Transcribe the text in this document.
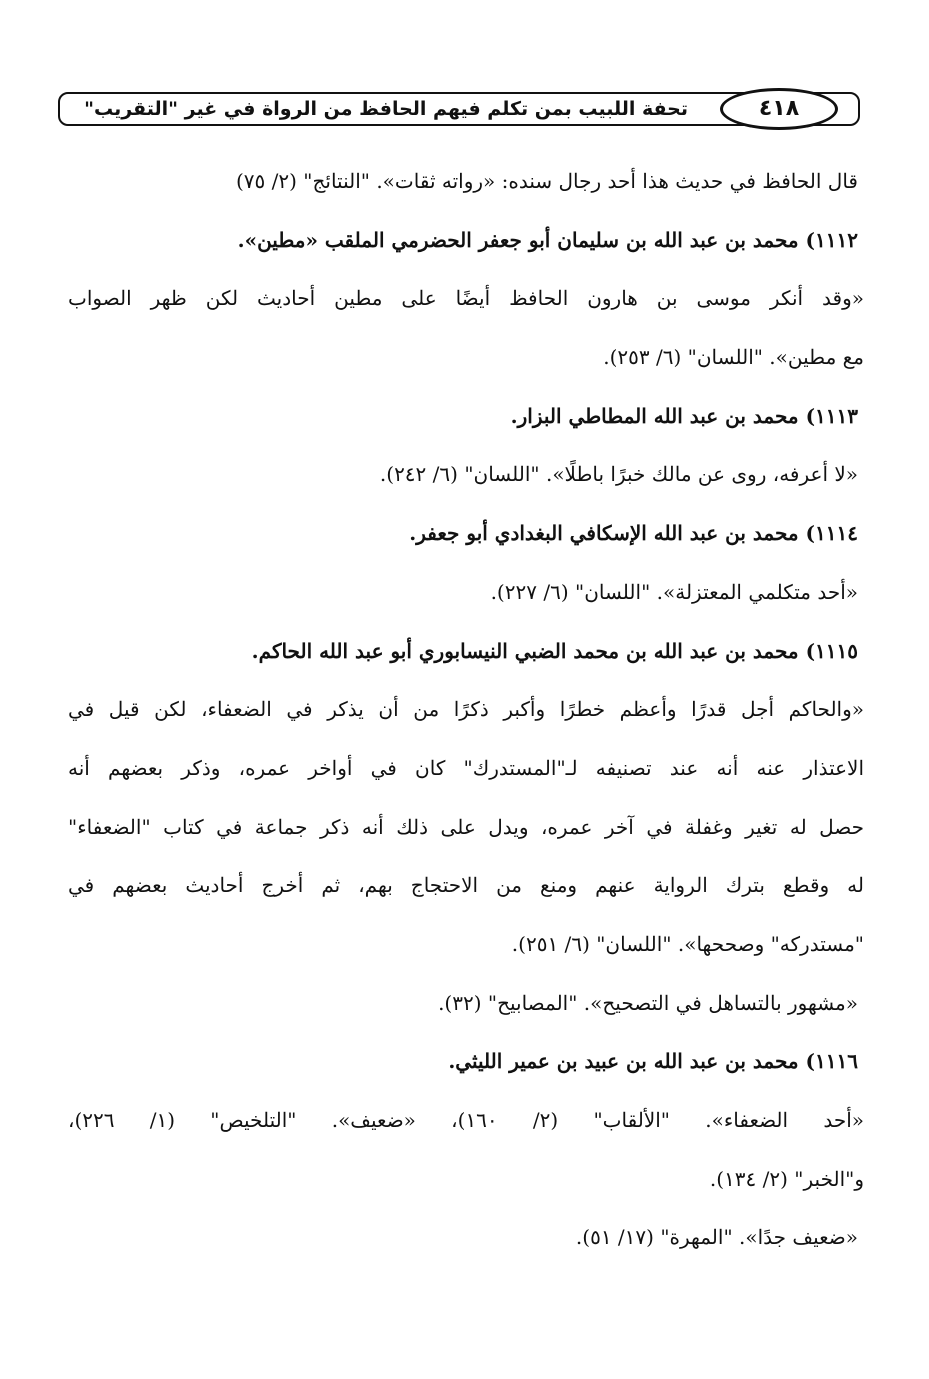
تحفة اللبيب بمن تكلم فيهم الحافظ من الرواة في غير "التقريب"	٤١٨
قال الحافظ في حديث هذا أحد رجال سنده: «رواته ثقات». "النتائج" (٢/ ٧٥)
١١١٢) محمد بن عبد الله بن سليمان أبو جعفر الحضرمي الملقب «مطين».
«وقد أنكر موسى بن هارون الحافظ أيضًا على مطين أحاديث لكن ظهر الصواب
مع مطين». "اللسان" (٦/ ٢٥٣).
١١١٣) محمد بن عبد الله المطاطي البزار.
«لا أعرفه، روى عن مالك خبرًا باطلًا». "اللسان" (٦/ ٢٤٢).
١١١٤) محمد بن عبد الله الإسكافي البغدادي أبو جعفر.
«أحد متكلمي المعتزلة». "اللسان" (٦/ ٢٢٧).
١١١٥) محمد بن عبد الله بن محمد الضبي النيسابوري أبو عبد الله الحاكم.
«والحاكم أجل قدرًا وأعظم خطرًا وأكبر ذكرًا من أن يذكر في الضعفاء، لكن قيل في
الاعتذار عنه أنه عند تصنيفه لـ"المستدرك" كان في أواخر عمره، وذكر بعضهم أنه
حصل له تغير وغفلة في آخر عمره، ويدل على ذلك أنه ذكر جماعة في كتاب "الضعفاء"
له وقطع بترك الرواية عنهم ومنع من الاحتجاج بهم، ثم أخرج أحاديث بعضهم في
"مستدركه" وصححها». "اللسان" (٦/ ٢٥١).
«مشهور بالتساهل في التصحيح». "المصابيح" (٣٢).
١١١٦) محمد بن عبد الله بن عبيد بن عمير الليثي.
«أحد الضعفاء». "الألقاب" (٢/ ١٦٠)، «ضعيف». "التلخيص" (١/ ٢٢٦)،
و"الخبر" (٢/ ١٣٤).
«ضعيف جدًا». "المهرة" (١٧/ ٥١).
